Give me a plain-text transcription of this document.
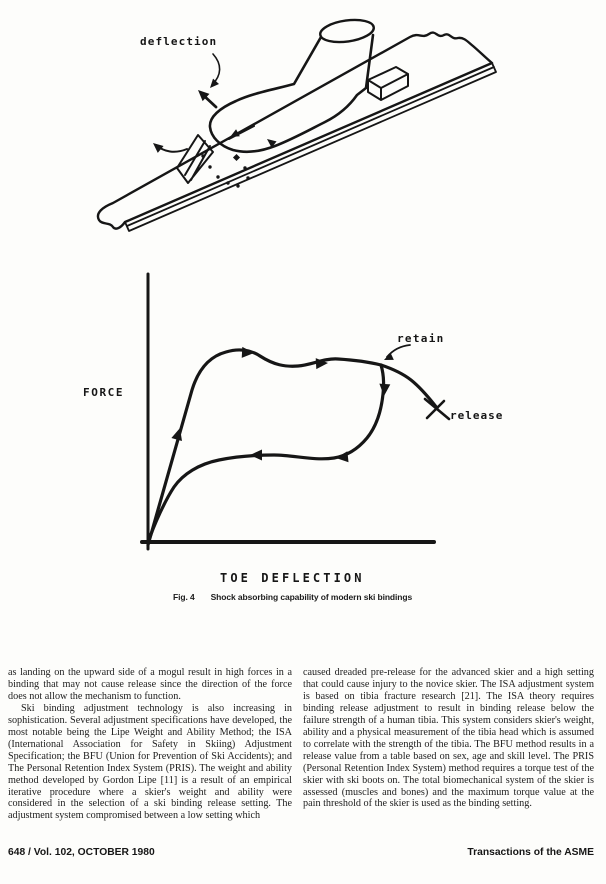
deflection
FORCE
retain
release
TOE DEFLECTION
Fig. 4 Shock absorbing capability of modern ski bindings

as landing on the upward side of a mogul result in high forces in a binding that may not cause release since the direction of the force does not allow the mechanism to function.

Ski binding adjustment technology is also increasing in sophistication. Several adjustment specifications have developed, the most notable being the Lipe Weight and Ability Method; the ISA (International Association for Safety in Skiing) Adjustment Specification; the BFU (Union for Prevention of Ski Accidents); and The Personal Retention Index System (PRIS). The weight and ability method developed by Gordon Lipe [11] is a result of an empirical iterative procedure where a skier's weight and ability were considered in the selection of a ski binding release setting. The adjustment system compromised between a low setting which

caused dreaded pre-release for the advanced skier and a high setting that could cause injury to the novice skier. The ISA adjustment system is based on tibia fracture research [21]. The ISA theory requires binding release adjustment to result in binding release below the failure strength of a human tibia. This system considers skier's weight, ability and a physical measurement of the tibia head which is assumed to correlate with the strength of the tibia. The BFU method results in a release value from a table based on sex, age and skill level. The PRIS (Personal Retention Index System) method requires a torque test of the skier with ski boots on. The total biomechanical system of the skier is assessed (muscles and bones) and the maximum torque value at the pain threshold of the skier is used as the binding setting.

648 / Vol. 102, OCTOBER 1980	Transactions of the ASME
